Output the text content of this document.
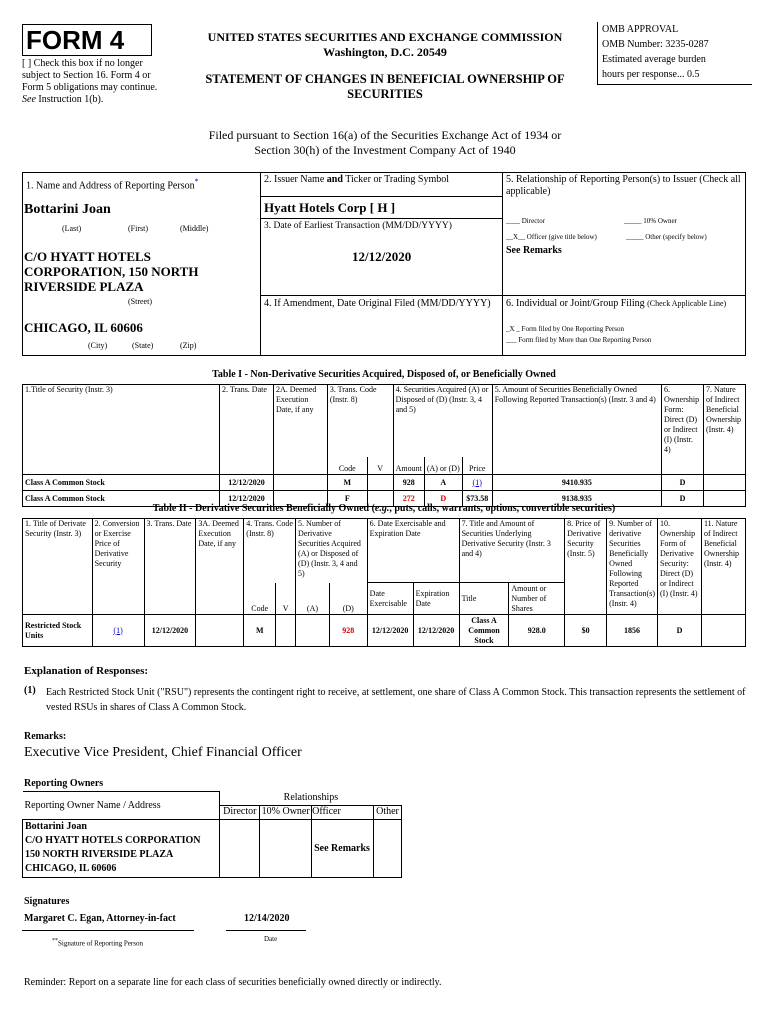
FORM 4
[ ] Check this box if no longer subject to Section 16. Form 4 or Form 5 obligations may continue. See Instruction 1(b).
UNITED STATES SECURITIES AND EXCHANGE COMMISSION
Washington, D.C. 20549
STATEMENT OF CHANGES IN BENEFICIAL OWNERSHIP OF SECURITIES
OMB APPROVAL
OMB Number: 3235-0287
Estimated average burden
hours per response... 0.5
Filed pursuant to Section 16(a) of the Securities Exchange Act of 1934 or
Section 30(h) of the Investment Company Act of 1940
1. Name and Address of Reporting Person*
Bottarini Joan
(Last)	(First)	(Middle)
C/O HYATT HOTELS CORPORATION, 150 NORTH RIVERSIDE PLAZA
(Street)
CHICAGO, IL 60606
(City)	(State)	(Zip)
2. Issuer Name and Ticker or Trading Symbol
Hyatt Hotels Corp [ H ]
3. Date of Earliest Transaction (MM/DD/YYYY)
12/12/2020
4. If Amendment, Date Original Filed (MM/DD/YYYY)
5. Relationship of Reporting Person(s) to Issuer (Check all applicable)
____ Director	_____ 10% Owner
__X__ Officer (give title below)	_____ Other (specify below)
See Remarks
6. Individual or Joint/Group Filing (Check Applicable Line)
_X _ Form filed by One Reporting Person
___ Form filed by More than One Reporting Person
Table I - Non-Derivative Securities Acquired, Disposed of, or Beneficially Owned
1.Title of Security (Instr. 3)	2. Trans. Date	2A. Deemed Execution Date, if any	3. Trans. Code (Instr. 8)		4. Securities Acquired (A) or Disposed of (D) (Instr. 3, 4 and 5)			5. Amount of Securities Beneficially Owned Following Reported Transaction(s) (Instr. 3 and 4)	6. Ownership Form: Direct (D) or Indirect (I) (Instr. 4)	7. Nature of Indirect Beneficial Ownership (Instr. 4)
			Code	V	Amount	(A) or (D)	Price			
Class A Common Stock	12/12/2020		M		928	A	(1)	9410.935	D	
Class A Common Stock	12/12/2020		F		272	D	$73.58	9138.935	D	
Table II - Derivative Securities Beneficially Owned (e.g., puts, calls, warrants, options, convertible securities)
1. Title of Derivate Security (Instr. 3)	2. Conversion or Exercise Price of Derivative Security	3. Trans. Date	3A. Deemed Execution Date, if any	4. Trans. Code (Instr. 8)		5. Number of Derivative Securities Acquired (A) or Disposed of (D) (Instr. 3, 4 and 5)		6. Date Exercisable and Expiration Date		7. Title and Amount of Securities Underlying Derivative Security (Instr. 3 and 4)		8. Price of Derivative Security (Instr. 5)	9. Number of derivative Securities Beneficially Owned Following Reported Transaction(s) (Instr. 4)	10. Ownership Form of Derivative Security: Direct (D) or Indirect (I) (Instr. 4)	11. Nature of Indirect Beneficial Ownership (Instr. 4)
				Code	V	(A)	(D)	Date Exercisable	Expiration Date	Title	Amount or Number of Shares				
Restricted Stock Units	(1)	12/12/2020		M			928	12/12/2020	12/12/2020	Class A Common Stock	928.0	$0	1856	D	
Explanation of Responses:
(1) Each Restricted Stock Unit ("RSU") represents the contingent right to receive, at settlement, one share of Class A Common Stock. This transaction represents the settlement of vested RSUs in shares of Class A Common Stock.
Remarks:
Executive Vice President, Chief Financial Officer
Reporting Owners
Reporting Owner Name / Address	Relationships			
	Director	10% Owner	Officer	Other

Bottarini Joan
C/O HYATT HOTELS CORPORATION
150 NORTH RIVERSIDE PLAZA
CHICAGO, IL 60606			See Remarks	
Signatures
Margaret C. Egan, Attorney-in-fact	12/14/2020
**Signature of Reporting Person
Date
Reminder: Report on a separate line for each class of securities beneficially owned directly or indirectly.
